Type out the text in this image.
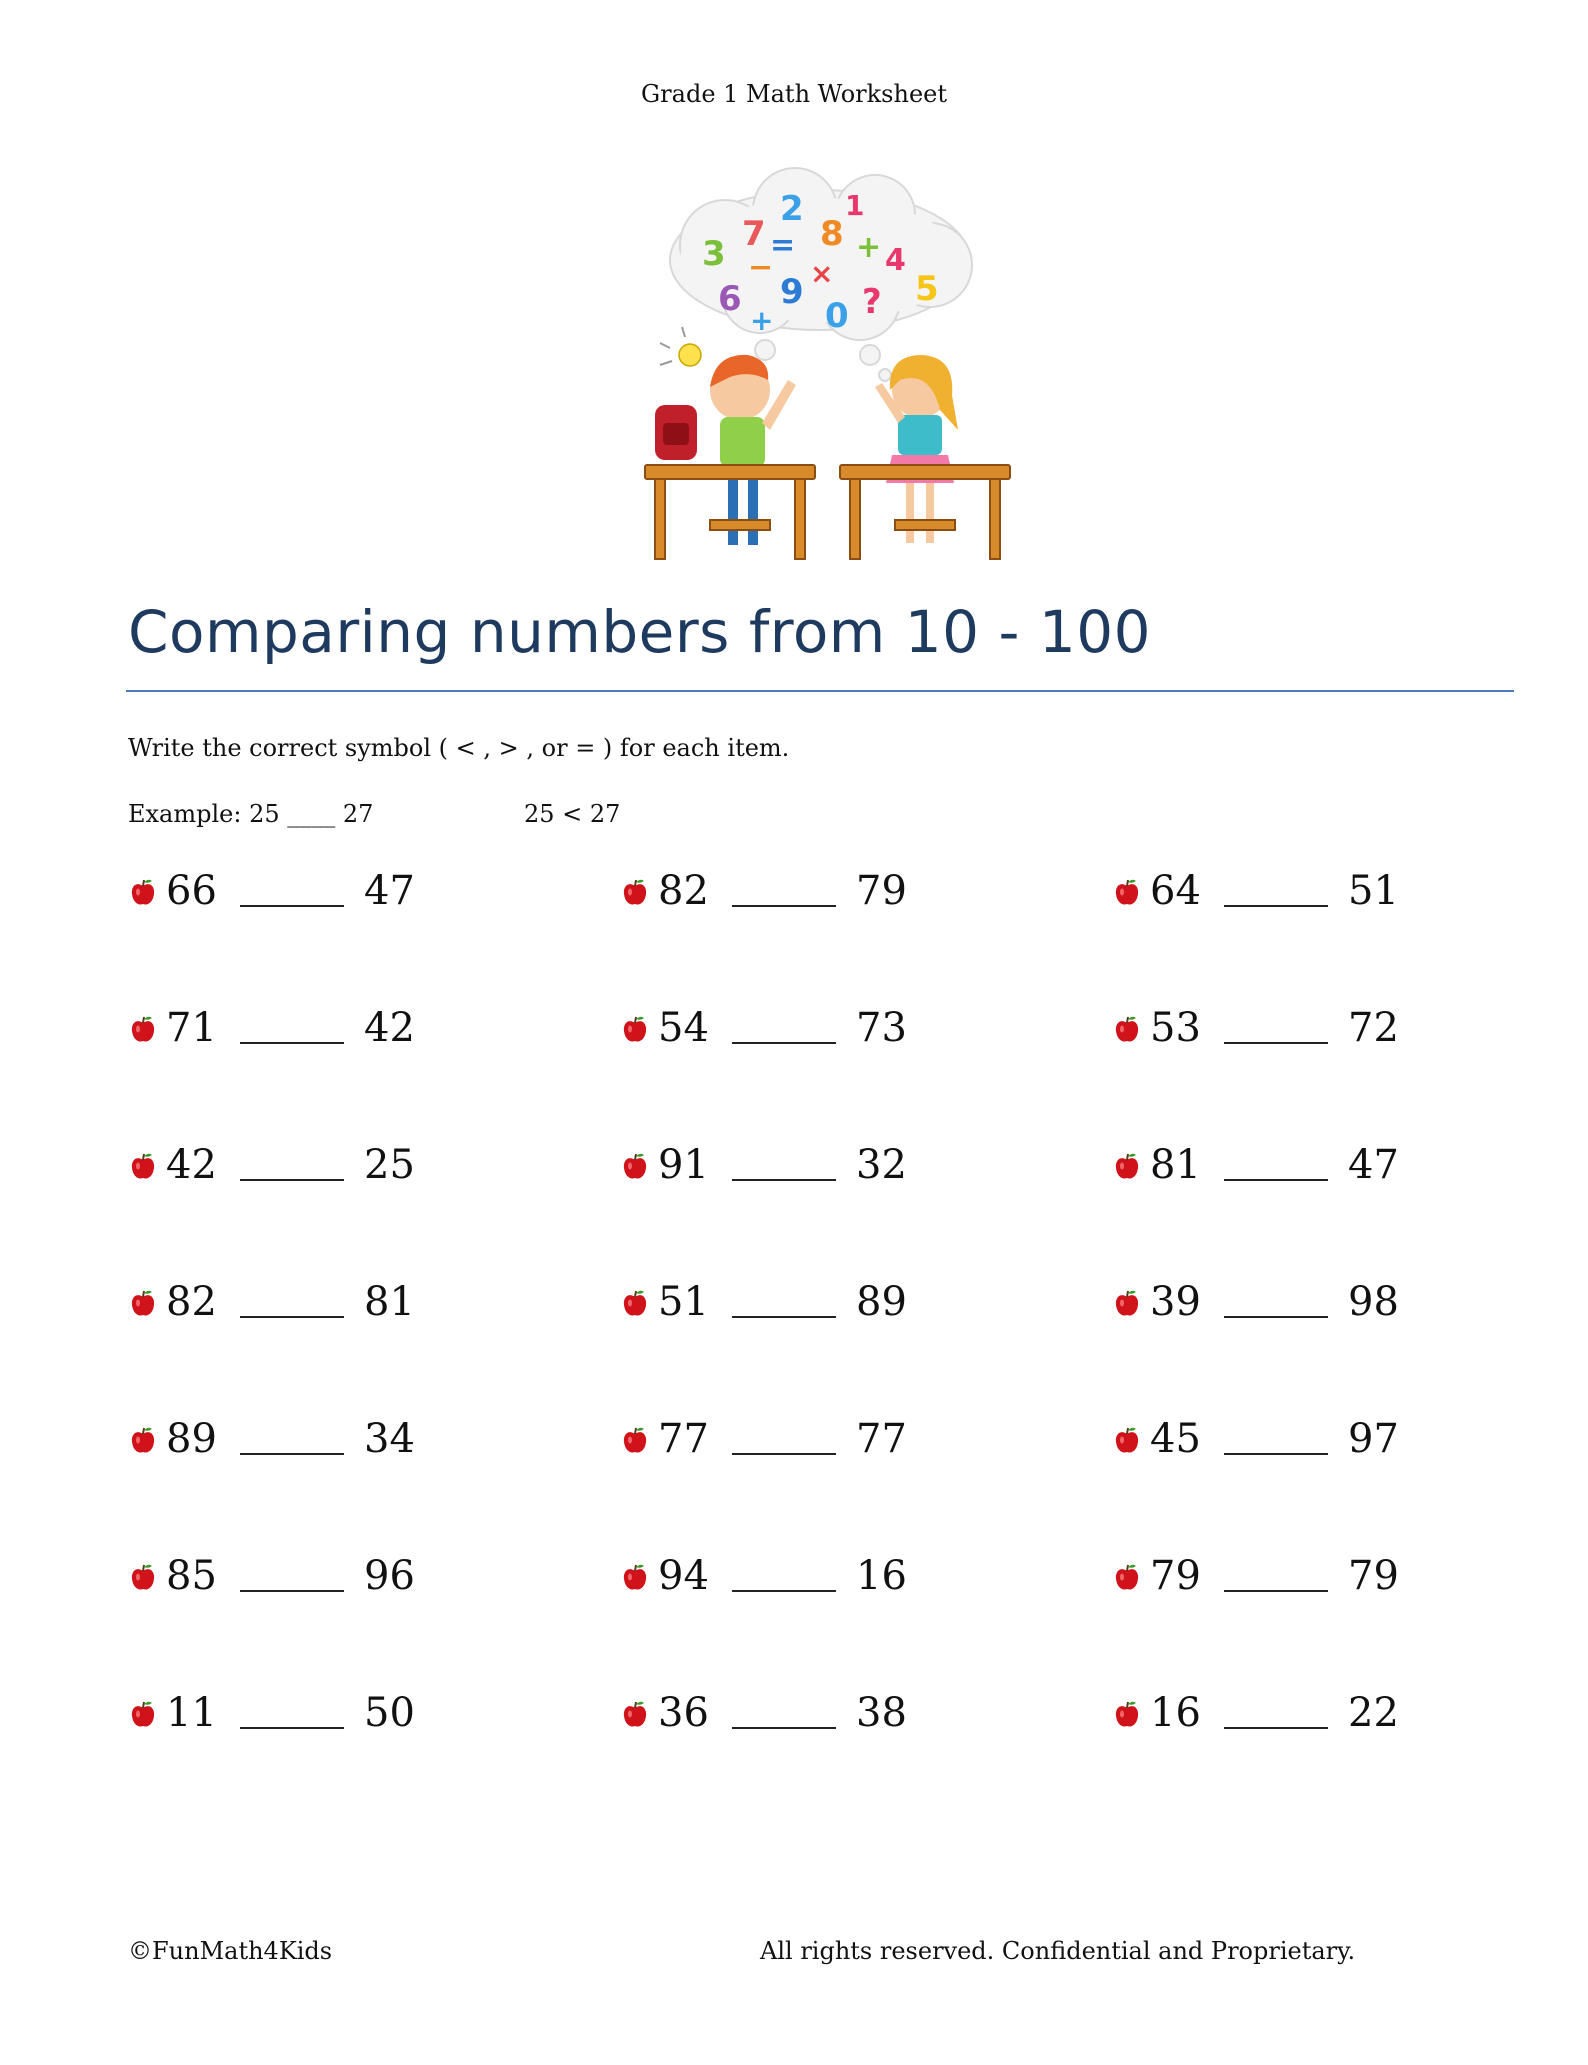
Grade 1 Math Worksheet
2 1
7 8
3	4
6 9	5
0 ?
+
=
×
−
+
Comparing numbers from 10 - 100
Write the correct symbol ( < , > , or = ) for each item.
Example: 25 ____ 27	25 < 27
66	47	82	79	64	51
71	42	54	73	53	72
42	25	91	32	81	47
82	81	51	89	39	98
89	34	77	77	45	97
85	96	94	16	79	79
11	50	36	38	16	22
©FunMath4Kids	All rights reserved. Confidential and Proprietary.
